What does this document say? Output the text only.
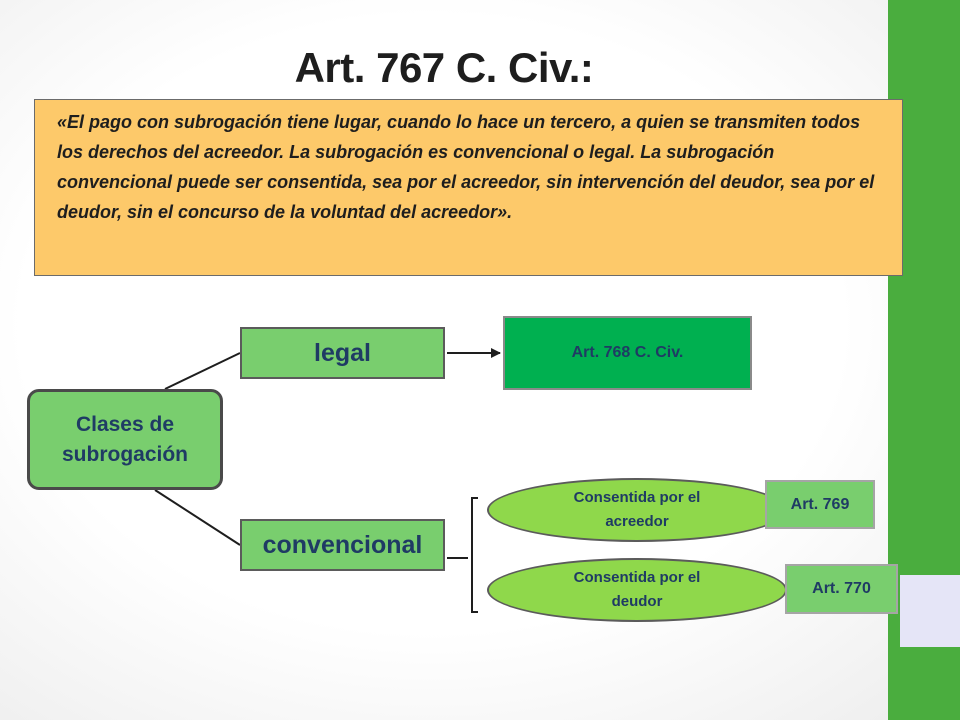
Art. 767 C. Civ.:

«El pago con subrogación tiene lugar, cuando lo hace un tercero, a quien se transmiten todos los derechos del acreedor. La subrogación es convencional o legal. La subrogación convencional puede ser consentida, sea por el acreedor, sin intervención del deudor, sea por el deudor, sin el concurso de la voluntad del acreedor».

Clases de
subrogación
legal	Art. 768 C. Civ.
convencional
Consentida por el
acreedor
Consentida por el
deudor
Art. 769
Art. 770
